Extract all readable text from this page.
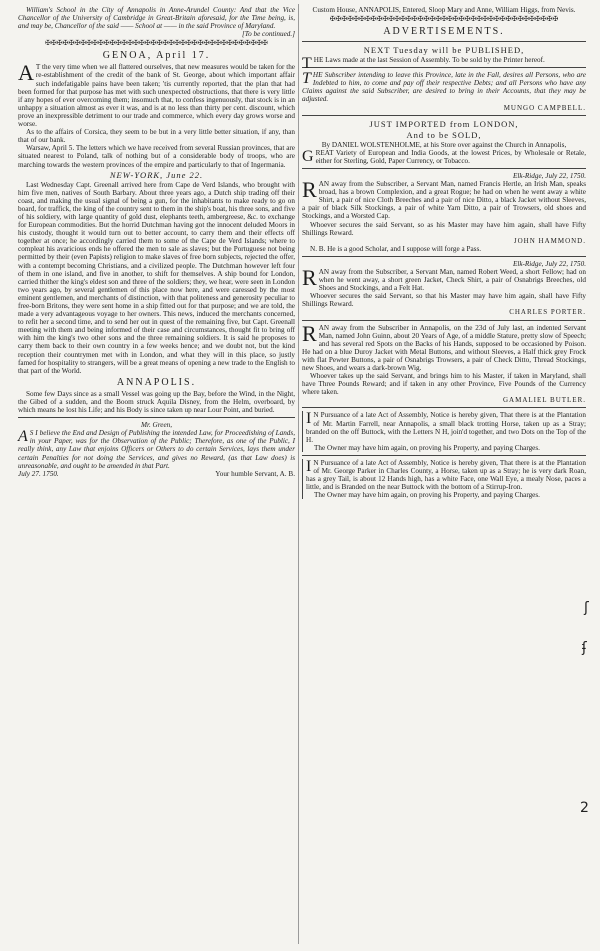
William's School in the City of Annapolis in Anne-Arundel County: And that the Vice Chancellor of the University of Cambridge in Great-Britain aforesaid, for the Time being, is, and may be, Chancellor of the said —— School at —— in the said Province of Maryland.

[To be continued.]

✠✠✠✠✠✠✠✠✠✠✠✠✠✠✠✠✠✠✠✠✠✠✠✠✠✠✠✠✠✠✠✠✠✠✠✠✠✠
GENOA, April 17.

A T the very time when we all flattered ourselves, that new measures would be taken for the re-establishment of the credit of the bank of St. George, about which important affair such indefatigable pains have been taken; 'tis currently reported, that the plan that had been formed for that purpose has met with such unexpected obstructions, that there is very little if any hopes of ever overcoming them; insomuch that, to confess ingenuously, that stock is in an unhappy a situation almost as ever it was, and is at no less than thirty per cent. discount, which prove an inexpressible detriment to our trade and commerce, which every day grows worse and worse.

As to the affairs of Corsica, they seem to be but in a very little better situation, if any, than that of our bank.

Warsaw, April 5. The letters which we have received from several Russian provinces, that are situated nearest to Poland, talk of nothing but of a considerable body of troops, who are marching towards the western provinces of the empire and particularly to that of Ingermania.

NEW-YORK, June 22.

Last Wednesday Capt. Greenall arrived here from Cape de Verd Islands, who brought with him five men, natives of South Barbary. About three years ago, a Dutch ship trading off their coast, and making the usual signal of being a gun, for the inhabitants to make ready to go on board, for traffick, the king of the country sent to them in the ship's boat, his three sons, and five of his soldiery, with large quantity of gold dust, elephants teeth, ambergreese, &c. to exchange for European commodities. But the horrid Dutchman having got the innocent deluded Moors in his custody, thought it would turn out to better account, to carry them and their effects off together at once; he accordingly carried them to some of the Cape de Verd Islands; where to compleat his avaricious ends he offered the men to sale as slaves; but the Portuguese not being permitted by their (even Papists) religion to make slaves of free born subjects, rejected the offer, with a contempt becoming Christians, and a civilized people. The Dutchman however left four of them in one island, and five in another, to shift for themselves. A ship bound for London, carried thither the king's eldest son and three of the soldiers; they, we hear, were seen in London two years ago, by several gentlemen of this place now here, and were caressed by the most eminent gentlemen, and merchants of distinction, with that politeness and generosity peculiar to free-born Britons, they were sent home in a ship fitted out for that purpose; and we are told, the made a very advantageous voyage to her owners. This news, induced the merchants concerned, to refit her a second time, and to send her out in quest of the remaining five, but Capt. Greenall meeting with them and being informed of their case and circumstances, thought fit to bring off with him the king's two other sons and the three remaining soldiers. It is said he proposes to carry them back to their own country in a few weeks hence; and we doubt not, but the kind reception their countrymen met with in London, and what they will in this place, so justly famed for hospitality to strangers, will be a great means of opening a new trade to the English to that part of the World.

ANNAPOLIS.

Some few Days since as a small Vessel was going up the Bay, before the Wind, in the Night, the Gibed of a sudden, and the Boom struck Aquila Disney, from the Helm, overboard, by which means he lost his Life; and his Body is since taken up near Lour Point, and buried.

Mr. Green,

A S I believe the End and Design of Publishing the intended Law, for Proceedishing of Lands, in your Paper, was for the Observation of the Public; Therefore, as one of the Public, I really think, any Law that enjoins Officers or Others to do certain Services, lays them under certain Penalties for not doing the Services, and gives no Reward, (as that Law does) is unreasonable, and ought to be amended in that Part.

July 27. 1750.	Your humble Servant, A. B.

Custom House, ANNAPOLIS, Entered, Sloop Mary and Anne, William Higgs, from Nevis.

✠✠✠✠✠✠✠✠✠✠✠✠✠✠✠✠✠✠✠✠✠✠✠✠✠✠✠✠✠✠✠✠✠✠✠✠✠✠✠
ADVERTISEMENTS.
NEXT Tuesday will be PUBLISHED,

THE Laws made at the last Session of Assembly. To be sold by the Printer hereof.

THE Subscriber intending to leave this Province, late in the Fall, desires all Persons, who are Indebted to him, to come and pay off their respective Debts; and all Persons who have any Claims against the said Subscriber, are desired to bring in their Accounts, that they may be adjusted.

MUNGO CAMPBELL.

JUST IMPORTED from LONDON,
And to be SOLD,

By DANIEL WOLSTENHOLME, at his Store over against the Church in Annapolis,

GREAT Variety of European and India Goods, at the lowest Prices, by Wholesale or Retale, either for Sterling, Gold, Paper Currency, or Tobacco.

Elk-Ridge, July 22, 1750.

RAN away from the Subscriber, a Servant Man, named Francis Hertle, an Irish Man, speaks broad, has a brown Complexion, and a great Rogue; he had on when he went away a white Shirt, a pair of nice Cloth Breeches and a pair of nice Ditto, a black Jacket without Sleeves, a pair of black Silk Stockings, a pair of white Yarn Ditto, a pair of Trowsers, old shoes and Stockings, and a Worsted Cap.

Whoever secures the said Servant, so as his Master may have him again, shall have Fifty Shillings Reward.

JOHN HAMMOND.

N. B. He is a good Scholar, and I suppose will forge a Pass.

Elk-Ridge, July 22, 1750.

RAN away from the Subscriber, a Servant Man, named Robert Weed, a short Fellow; had on when he went away, a short green Jacket, Check Shirt, a pair of Osnabrigs Breeches, old Shoes and Stockings, and a Felt Hat.

Whoever secures the said Servant, so that his Master may have him again, shall have Fifty Shillings Reward.

CHARLES PORTER.

RAN away from the Subscriber in Annapolis, on the 23d of July last, an indented Servant Man, named John Guinn, about 20 Years of Age, of a middle Stature, pretty slow of Speech; and has several red Spots on the Backs of his Hands, supposed to be occasioned by Poison. He had on a blue Duroy Jacket with Metal Buttons, and without Sleeves, a Half thick grey Frock with flat Pewter Buttons, a pair of Osnabrigs Trowsers, a pair of Check Ditto, Thread Stockings, new Shoes, and wears a dark-brown Wig.

Whoever takes up the said Servant, and brings him to his Master, if taken in Maryland, shall have Three Pounds Reward; and if taken in any other Province, Five Pounds of the Currency where taken.

GAMALIEL BUTLER.

I N Pursuance of a late Act of Assembly, Notice is hereby given, That there is at the Plantation of Mr. Martin Farrell, near Annapolis, a small black trotting Horse, taken up as a Stray; branded on the off Buttock, with the Letters N H, join'd together, and two Dots on the Top of the H.

The Owner may have him again, on proving his Property, and paying Charges.

I N Pursuance of a late Act of Assembly, Notice is hereby given, That there is at the Plantation of Mr. George Parker in Charles County, a Horse, taken up as a Stray; he is very dark Roan, has a grey Tail, is about 12 Hands high, has a white Face, one Wall Eye, a mealy Nose, paces a little, and is Branded on the near Buttock with the bottom of a Stirrup-Iron.

The Owner may have him again, on proving his Property, and paying Charges.

ʃ
ʄ
2
